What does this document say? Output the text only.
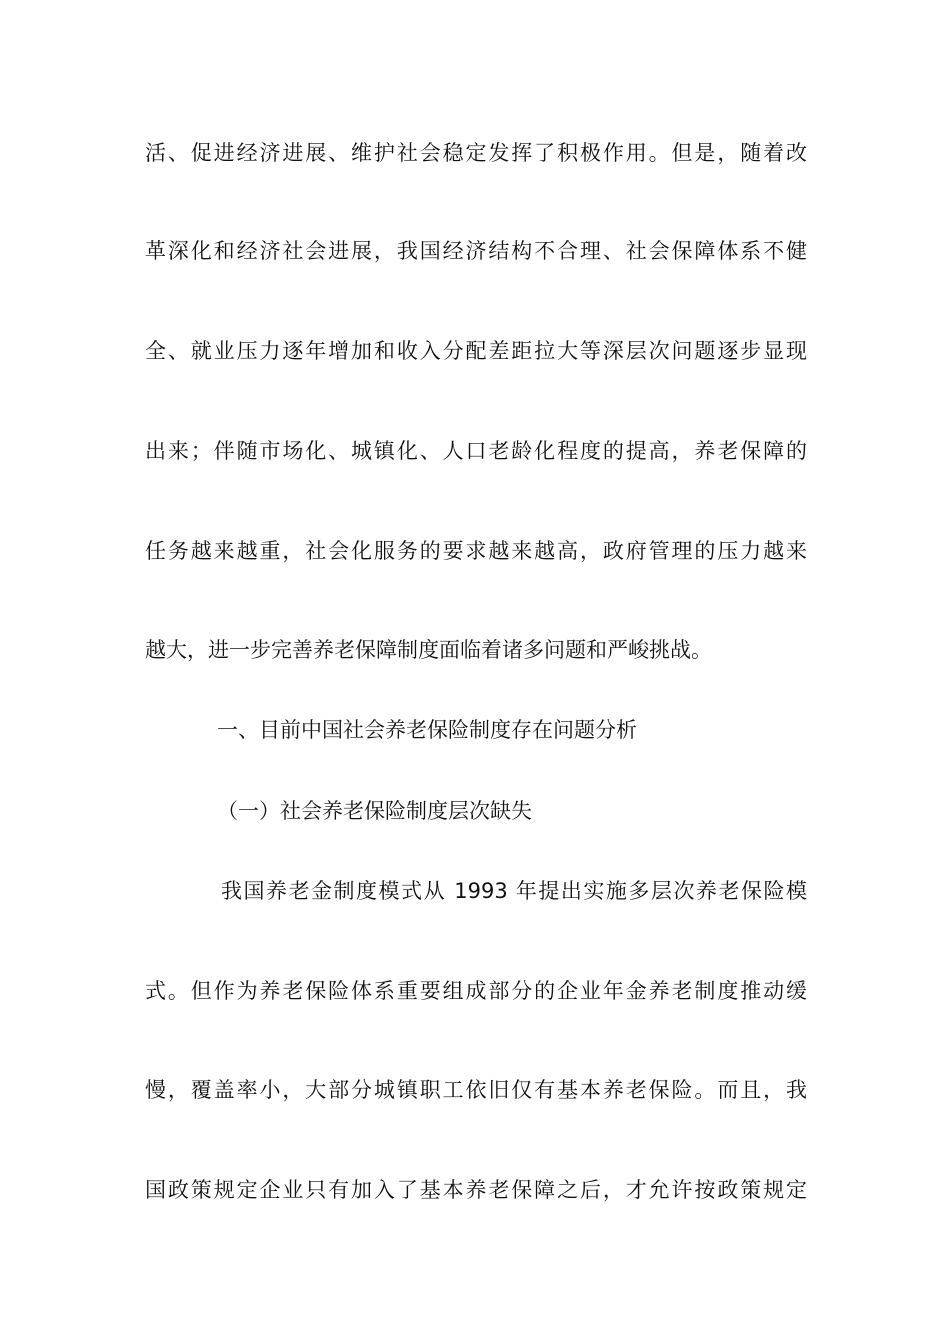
活、促进经济进展、维护社会稳定发挥了积极作用。但是，随着改
革深化和经济社会进展，我国经济结构不合理、社会保障体系不健
全、就业压力逐年增加和收入分配差距拉大等深层次问题逐步显现
出来；伴随市场化、城镇化、人口老龄化程度的提高，养老保障的
任务越来越重，社会化服务的要求越来越高，政府管理的压力越来
越大，进一步完善养老保障制度面临着诸多问题和严峻挑战。
一、目前中国社会养老保险制度存在问题分析
（一）社会养老保险制度层次缺失
我国养老金制度模式从 1993 年提出实施多层次养老保险模
式。但作为养老保险体系重要组成部分的企业年金养老制度推动缓
慢，覆盖率小，大部分城镇职工依旧仅有基本养老保险。而且，我
国政策规定企业只有加入了基本养老保障之后，才允许按政策规定
